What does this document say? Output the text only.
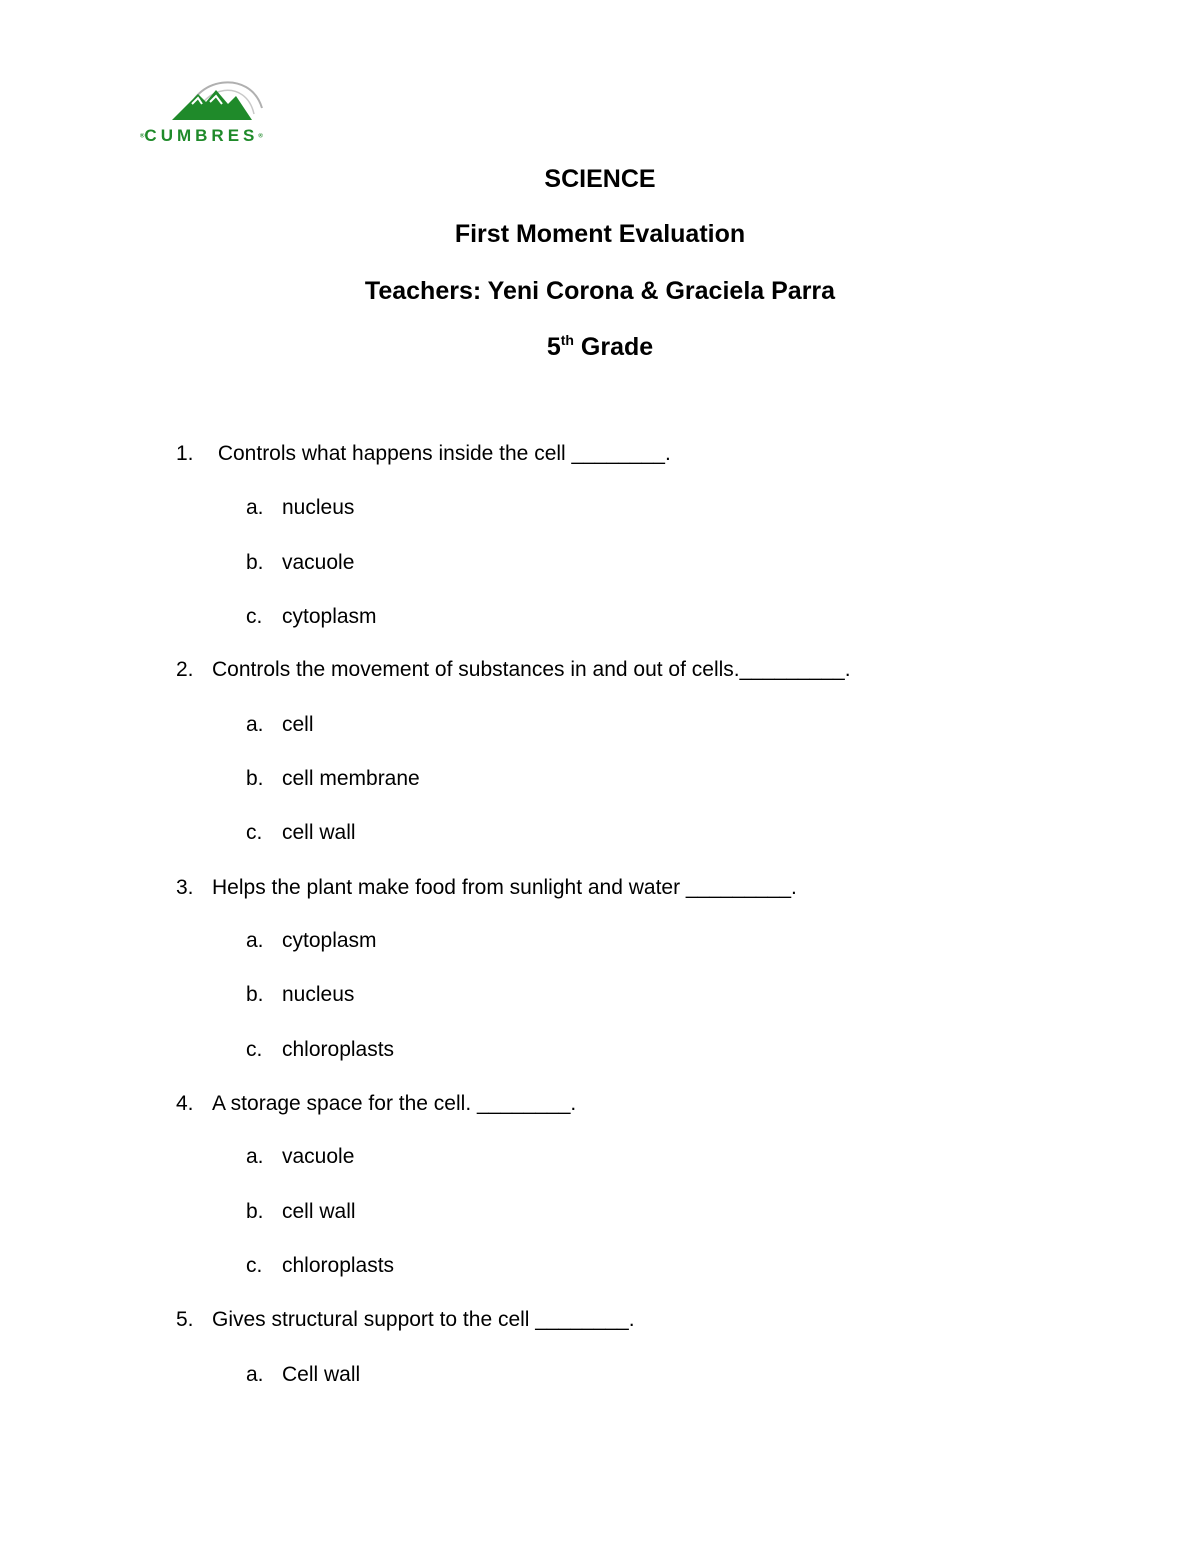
®CUMBRES®
SCIENCE
First Moment Evaluation
Teachers: Yeni Corona & Graciela Parra
5th Grade
1. Controls what happens inside the cell ________.
a. nucleus
b. vacuole
c. cytoplasm
2. Controls the movement of substances in and out of cells._________.
a. cell
b. cell membrane
c. cell wall
3. Helps the plant make food from sunlight and water _________.
a. cytoplasm
b. nucleus
c. chloroplasts
4. A storage space for the cell. ________.
a. vacuole
b. cell wall
c. chloroplasts
5. Gives structural support to the cell ________.
a. Cell wall
